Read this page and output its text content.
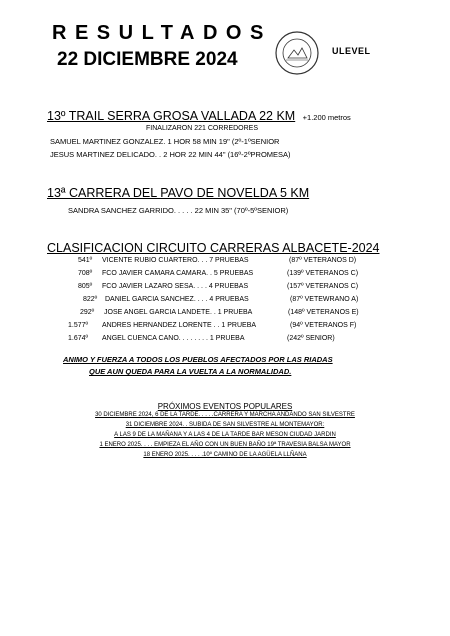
RESULTADOS
22 DICIEMBRE 2024	ULEVEL
13º TRAIL SERRA GROSA VALLADA 22 KM +1.200 metros
FINALIZARON 221 CORREDORES
SAMUEL MARTINEZ GONZALEZ. 1 HOR 58 MIN 19" (2º-1ºSENIOR
JESUS MARTINEZ DELICADO. . 2 HOR 22 MIN 44" (16º-2ºPROMESA)
13ª CARRERA DEL PAVO DE NOVELDA 5 KM
SANDRA SANCHEZ GARRIDO. . . . . 22 MIN 35" (70º-5ºSENIOR)
CLASIFICACION CIRCUITO CARRERAS ALBACETE-2024
541º VICENTE RUBIO CUARTERO. . . 7 PRUEBAS	(87º VETERANOS D)
708º FCO JAVIER CAMARA CAMARA. . 5 PRUEBAS	(139º VETERANOS C)
805º FCO JAVIER LAZARO SESA. . . . 4 PRUEBAS	(157º VETERANOS C)
822º DANIEL GARCIA SANCHEZ. . . . 4 PRUEBAS	(87º VETEWRANO A)
292º JOSE ANGEL GARCIA LANDETE. . 1 PRUEBA	(148º VETERANOS E)
1.577º ANDRES HERNANDEZ LORENTE . . 1 PRUEBA	(94º VETERANOS F)
1.674º ANGEL CUENCA CANO. . . . . . . . 1 PRUEBA	(242º SENIOR)
ANIMO Y FUERZA A TODOS LOS PUEBLOS AFECTADOS POR LAS RIADAS
QUE AUN QUEDA PARA LA VUELTA A LA NORMALIDAD.
PRÓXIMOS EVENTOS POPULARES
30 DICIEMBRE 2024, 6 DE LA TARDE. . . . .CARRERA Y MARCHA ANDANDO SAN SILVESTRE
31 DICIEMBRE 2024. . SUBIDA DE SAN SILVESTRE AL MONTEMAYOR:
A LAS 9 DE LA MAÑANA Y A LAS 4 DE LA TARDE BAR MESON CIUDAD JARDIN
1 ENERO 2025. . . . EMPIEZA EL AÑO CON UN BUEN BAÑO 19ª TRAVESIA BALSA MAYOR
18 ENERO 2025. . . . .10º CAMINO DE LA AGÜELA LLÑANA
